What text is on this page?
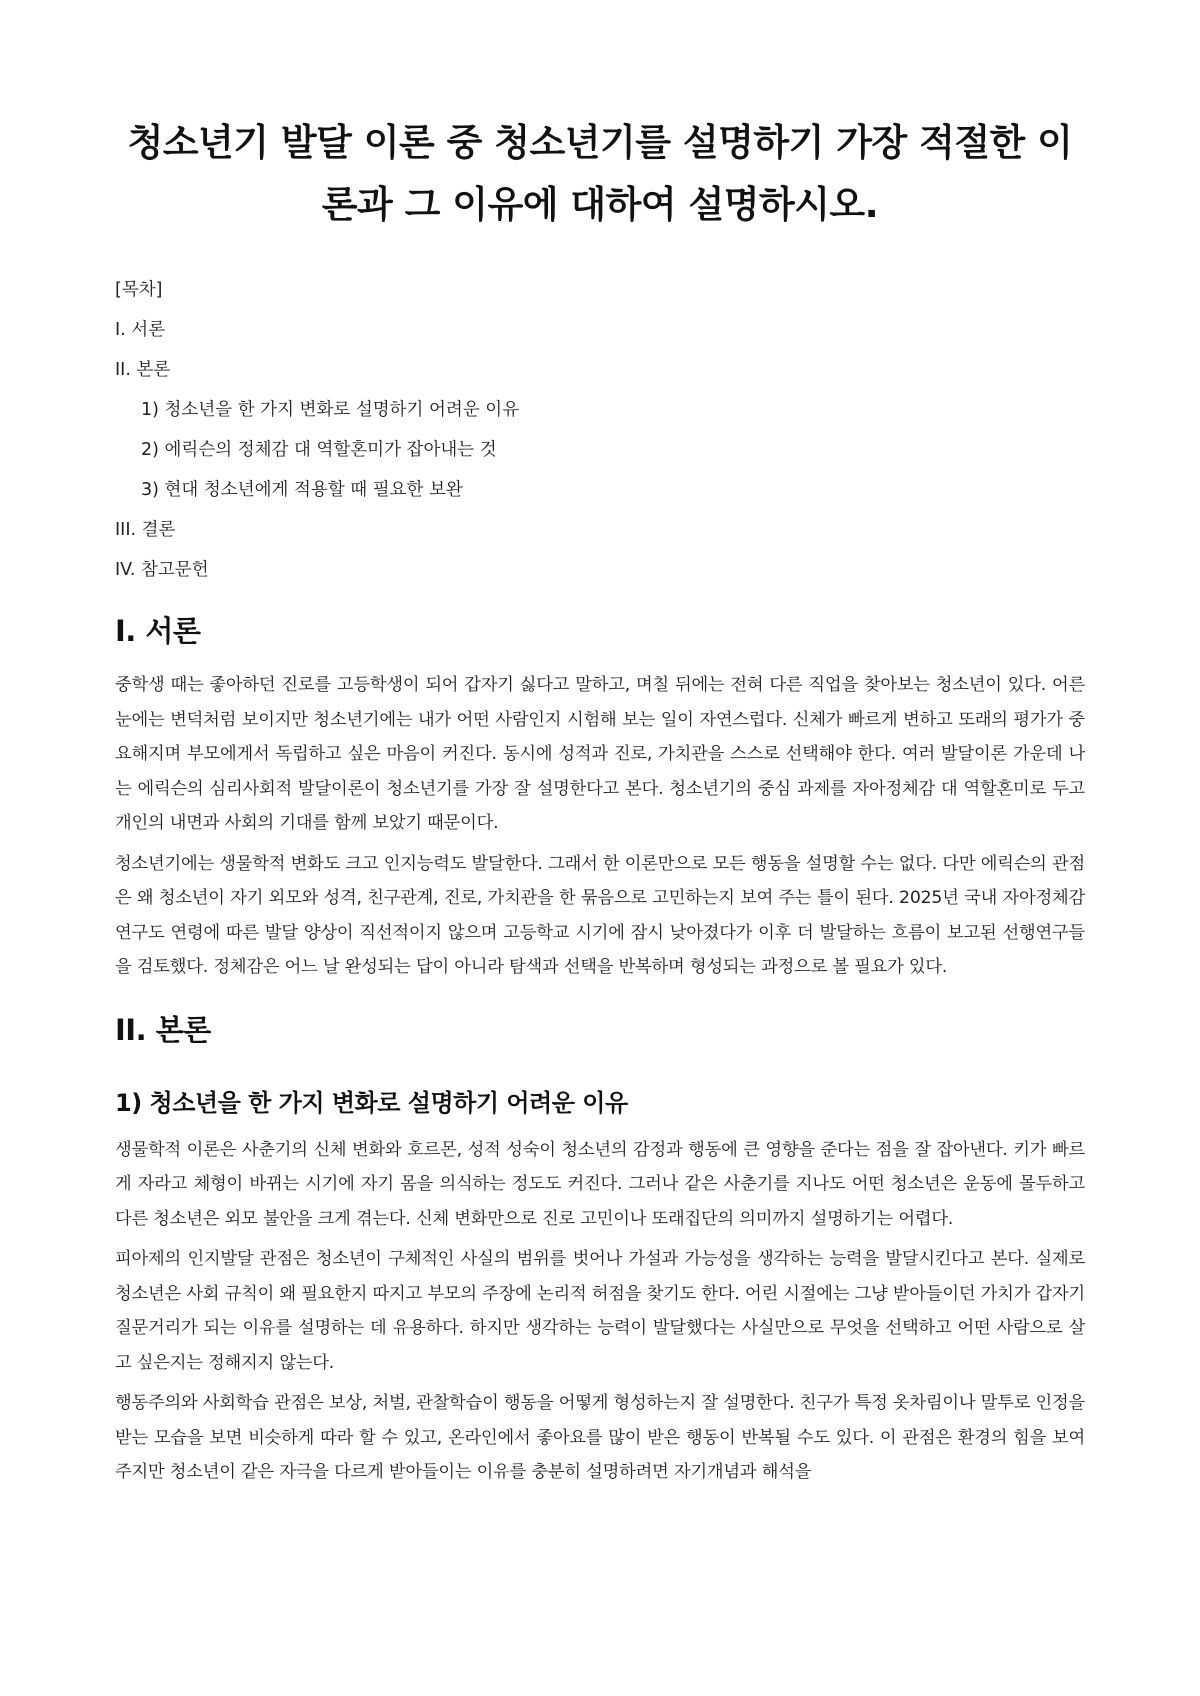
청소년기 발달 이론 중 청소년기를 설명하기 가장 적절한 이론과 그 이유에 대하여 설명하시오.
[목차]
I. 서론
II. 본론
1) 청소년을 한 가지 변화로 설명하기 어려운 이유
2) 에릭슨의 정체감 대 역할혼미가 잡아내는 것
3) 현대 청소년에게 적용할 때 필요한 보완
III. 결론
IV. 참고문헌
I. 서론

중학생 때는 좋아하던 진로를 고등학생이 되어 갑자기 싫다고 말하고, 며칠 뒤에는 전혀 다른 직업을 찾아보는 청소년이 있다. 어른 눈에는 변덕처럼 보이지만 청소년기에는 내가 어떤 사람인지 시험해 보는 일이 자연스럽다. 신체가 빠르게 변하고 또래의 평가가 중요해지며 부모에게서 독립하고 싶은 마음이 커진다. 동시에 성적과 진로, 가치관을 스스로 선택해야 한다. 여러 발달이론 가운데 나는 에릭슨의 심리사회적 발달이론이 청소년기를 가장 잘 설명한다고 본다. 청소년기의 중심 과제를 자아정체감 대 역할혼미로 두고 개인의 내면과 사회의 기대를 함께 보았기 때문이다.

청소년기에는 생물학적 변화도 크고 인지능력도 발달한다. 그래서 한 이론만으로 모든 행동을 설명할 수는 없다. 다만 에릭슨의 관점은 왜 청소년이 자기 외모와 성격, 친구관계, 진로, 가치관을 한 묶음으로 고민하는지 보여 주는 틀이 된다. 2025년 국내 자아정체감 연구도 연령에 따른 발달 양상이 직선적이지 않으며 고등학교 시기에 잠시 낮아졌다가 이후 더 발달하는 흐름이 보고된 선행연구들을 검토했다. 정체감은 어느 날 완성되는 답이 아니라 탐색과 선택을 반복하며 형성되는 과정으로 볼 필요가 있다.

II. 본론
1) 청소년을 한 가지 변화로 설명하기 어려운 이유

생물학적 이론은 사춘기의 신체 변화와 호르몬, 성적 성숙이 청소년의 감정과 행동에 큰 영향을 준다는 점을 잘 잡아낸다. 키가 빠르게 자라고 체형이 바뀌는 시기에 자기 몸을 의식하는 정도도 커진다. 그러나 같은 사춘기를 지나도 어떤 청소년은 운동에 몰두하고 다른 청소년은 외모 불안을 크게 겪는다. 신체 변화만으로 진로 고민이나 또래집단의 의미까지 설명하기는 어렵다.

피아제의 인지발달 관점은 청소년이 구체적인 사실의 범위를 벗어나 가설과 가능성을 생각하는 능력을 발달시킨다고 본다. 실제로 청소년은 사회 규칙이 왜 필요한지 따지고 부모의 주장에 논리적 허점을 찾기도 한다. 어린 시절에는 그냥 받아들이던 가치가 갑자기 질문거리가 되는 이유를 설명하는 데 유용하다. 하지만 생각하는 능력이 발달했다는 사실만으로 무엇을 선택하고 어떤 사람으로 살고 싶은지는 정해지지 않는다.

행동주의와 사회학습 관점은 보상, 처벌, 관찰학습이 행동을 어떻게 형성하는지 잘 설명한다. 친구가 특정 옷차림이나 말투로 인정을 받는 모습을 보면 비슷하게 따라 할 수 있고, 온라인에서 좋아요를 많이 받은 행동이 반복될 수도 있다. 이 관점은 환경의 힘을 보여 주지만 청소년이 같은 자극을 다르게 받아들이는 이유를 충분히 설명하려면 자기개념과 해석을
